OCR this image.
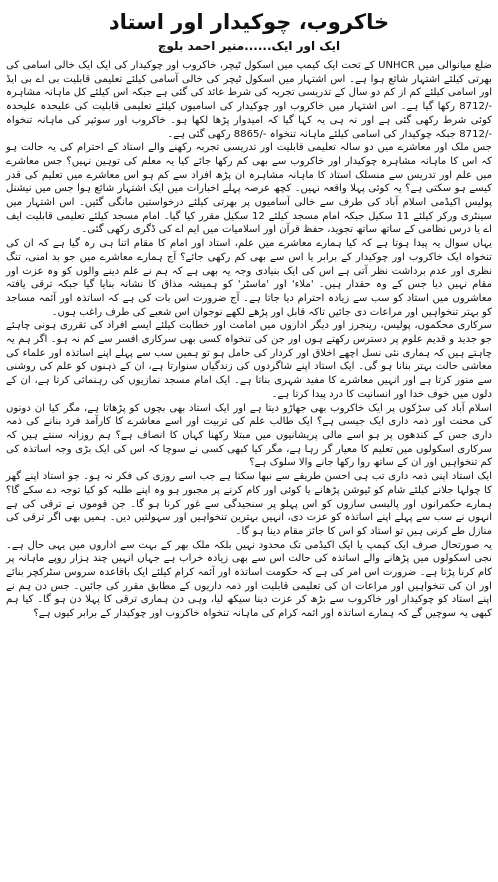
خاکروب، چوکیدار اور استاد
ایک اور ایک......منیر احمد بلوچ

ضلع میانوالی میں UNHCR کے تحت ایک کیمپ میں اسکول ٹیچر، خاکروب اور چوکیدار کی ایک ایک خالی اسامی کی بھرتی کیلئے اشتہار شائع ہوا ہے۔ اس اشتہار میں اسکول ٹیچر کی خالی آسامی کیلئے تعلیمی قابلیت بی اے بی ایڈ اور اسامی کیلئے کم از کم دو سال کے تدریسی تجربہ کی شرط عائد کی گئی ہے جبکہ اس کیلئے کل ماہانہ مشاہرہ -/8712 رکھا گیا ہے۔ اس اشتہار میں خاکروب اور چوکیدار کی اسامیوں کیلئے تعلیمی قابلیت کی علیحدہ علیحدہ کوئی شرط رکھی گئی ہے اور نہ ہی یہ کہا گیا کہ امیدوار پڑھا لکھا ہو۔ خاکروب اور سوئپر کی ماہانہ تنخواہ -/8712 جبکہ چوکیدار کی اسامی کیلئے ماہانہ تنخواہ -/8865 رکھی گئی ہے۔

جس ملک اور معاشرے میں دو سالہ تعلیمی قابلیت اور تدریسی تجربہ رکھنے والے استاد کے احترام کی یہ حالت ہو کہ اس کا ماہانہ مشاہرہ چوکیدار اور خاکروب سے بھی کم رکھا جائے کیا یہ معلم کی توہین نہیں؟ جس معاشرے میں علم اور تدریس سے منسلک استاد کا ماہانہ مشاہرہ ان پڑھ افراد سے کم ہو اس معاشرے میں تعلیم کی قدر کیسے ہو سکتی ہے؟ یہ کوئی پہلا واقعہ نہیں۔ کچھ عرصہ پہلے اخبارات میں ایک اشتہار شائع ہوا جس میں نیشنل پولیس اکیڈمی اسلام آباد کی طرف سے خالی آسامیوں پر بھرتی کیلئے درخواستیں مانگی گئیں۔ اس اشتہار میں سینٹری ورکر کیلئے 11 سکیل جبکہ امام مسجد کیلئے 12 سکیل مقرر کیا گیا۔ امام مسجد کیلئے تعلیمی قابلیت ایف اے یا درس نظامی کے ساتھ ساتھ تجوید، حفظ قرآن اور اسلامیات میں ایم اے کی ڈگری رکھی گئی۔

یہاں سوال یہ پیدا ہوتا ہے کہ کیا ہمارے معاشرے میں علم، استاد اور امام کا مقام اتنا ہی رہ گیا ہے کہ ان کی تنخواہ ایک خاکروب اور چوکیدار کے برابر یا اس سے بھی کم رکھی جائے؟ آج ہمارے معاشرے میں جو بد امنی، تنگ نظری اور عدم برداشت نظر آتی ہے اس کی ایک بنیادی وجہ یہ بھی ہے کہ ہم نے علم دینے والوں کو وہ عزت اور مقام نہیں دیا جس کے وہ حقدار ہیں۔ 'ملاء' اور 'ماسٹر' کو ہمیشہ مذاق کا نشانہ بنایا گیا جبکہ ترقی یافتہ معاشروں میں استاد کو سب سے زیادہ احترام دیا جاتا ہے۔ آج ضرورت اس بات کی ہے کہ اساتذہ اور آئمہ مساجد کو بہتر تنخواہیں اور مراعات دی جائیں تاکہ قابل اور پڑھے لکھے نوجوان اس شعبے کی طرف راغب ہوں۔

سرکاری محکموں، پولیس، رینجرز اور دیگر اداروں میں امامت اور خطابت کیلئے ایسے افراد کی تقرری ہونی چاہئے جو جدید و قدیم علوم پر دسترس رکھتے ہوں اور جن کی تنخواہ کسی بھی سرکاری افسر سے کم نہ ہو۔ اگر ہم یہ چاہتے ہیں کہ ہماری نئی نسل اچھے اخلاق اور کردار کی حامل ہو تو ہمیں سب سے پہلے اپنے اساتذہ اور علماء کی معاشی حالت بہتر بنانا ہو گی۔ ایک استاد اپنے شاگردوں کی زندگیاں سنوارتا ہے، ان کے ذہنوں کو علم کی روشنی سے منور کرتا ہے اور انہیں معاشرے کا مفید شہری بناتا ہے۔ ایک امام مسجد نمازیوں کی رہنمائی کرتا ہے، ان کے دلوں میں خوف خدا اور انسانیت کا درد پیدا کرتا ہے۔

اسلام آباد کی سڑکوں پر ایک خاکروب بھی جھاڑو دیتا ہے اور ایک استاد بھی بچوں کو پڑھاتا ہے، مگر کیا ان دونوں کی محنت اور ذمہ داری ایک جیسی ہے؟ ایک طالب علم کی تربیت اور اسے معاشرے کا کارآمد فرد بنانے کی ذمہ داری جس کے کندھوں پر ہو اسے مالی پریشانیوں میں مبتلا رکھنا کہاں کا انصاف ہے؟ ہم روزانہ سنتے ہیں کہ سرکاری اسکولوں میں تعلیم کا معیار گر رہا ہے، مگر کیا کبھی کسی نے سوچا کہ اس کی ایک بڑی وجہ اساتذہ کی کم تنخواہیں اور ان کے ساتھ روا رکھا جانے والا سلوک ہے؟

ایک استاد اپنی ذمہ داری تب ہی احسن طریقے سے نبھا سکتا ہے جب اسے روزی کی فکر نہ ہو۔ جو استاد اپنے گھر کا چولہا جلانے کیلئے شام کو ٹیوشن پڑھانے یا کوئی اور کام کرنے پر مجبور ہو وہ اپنے طلبہ کو کیا توجہ دے سکے گا؟ ہمارے حکمرانوں اور پالیسی سازوں کو اس پہلو پر سنجیدگی سے غور کرنا ہو گا۔ جن قوموں نے ترقی کی ہے انہوں نے سب سے پہلے اپنے اساتذہ کو عزت دی، انہیں بہترین تنخواہیں اور سہولتیں دیں۔ ہمیں بھی اگر ترقی کی منازل طے کرنی ہیں تو استاد کو اس کا جائز مقام دینا ہو گا۔

یہ صورتحال صرف ایک کیمپ یا ایک اکیڈمی تک محدود نہیں بلکہ ملک بھر کے بہت سے اداروں میں یہی حال ہے۔ نجی اسکولوں میں پڑھانے والے اساتذہ کی حالت اس سے بھی زیادہ خراب ہے جہاں انہیں چند ہزار روپے ماہانہ پر کام کرنا پڑتا ہے۔ ضرورت اس امر کی ہے کہ حکومت اساتذہ اور آئمہ کرام کیلئے ایک باقاعدہ سروس سٹرکچر بنائے اور ان کی تنخواہیں اور مراعات ان کی تعلیمی قابلیت اور ذمہ داریوں کے مطابق مقرر کی جائیں۔ جس دن ہم نے اپنے استاد کو چوکیدار اور خاکروب سے بڑھ کر عزت دینا سیکھ لیا، وہی دن ہماری ترقی کا پہلا دن ہو گا۔ کیا ہم کبھی یہ سوچیں گے کہ ہمارے اساتذہ اور ائمہ کرام کی ماہانہ تنخواہ خاکروب اور چوکیدار کے برابر کیوں ہے؟
